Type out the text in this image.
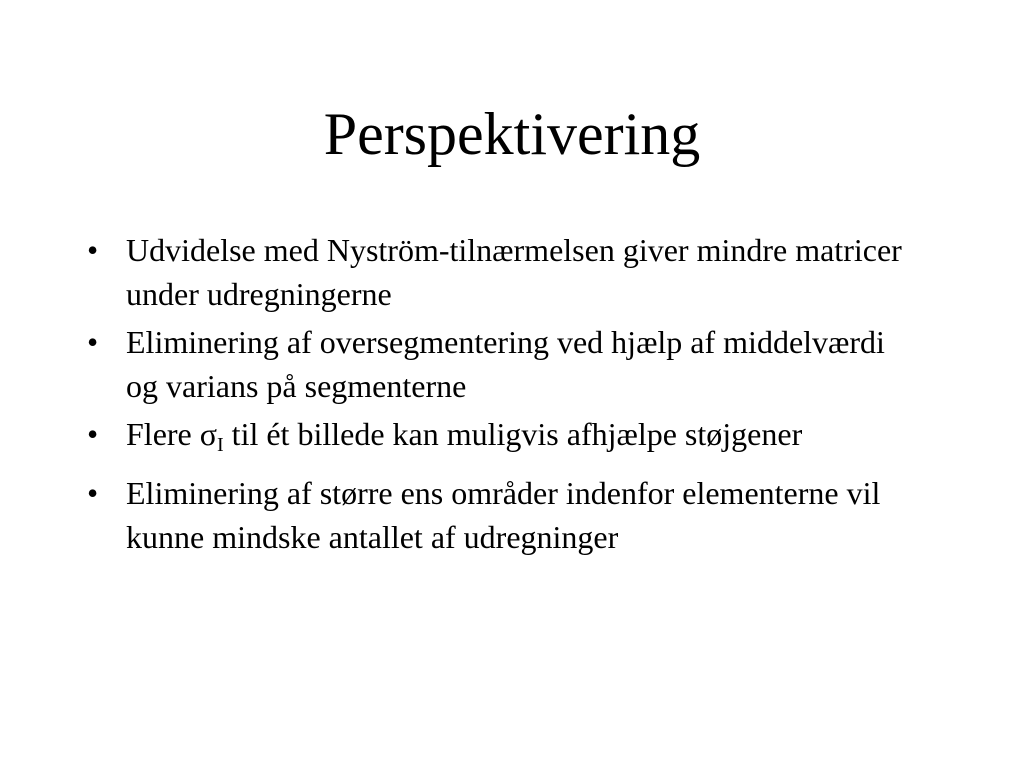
Perspektivering
• Udvidelse med Nyström-tilnærmelsen giver mindre matricer under udregningerne
• Eliminering af oversegmentering ved hjælp af middelværdi og varians på segmenterne
• Flere σI til ét billede kan muligvis afhjælpe støjgener
• Eliminering af større ens områder indenfor elementerne vil kunne mindske antallet af udregninger
